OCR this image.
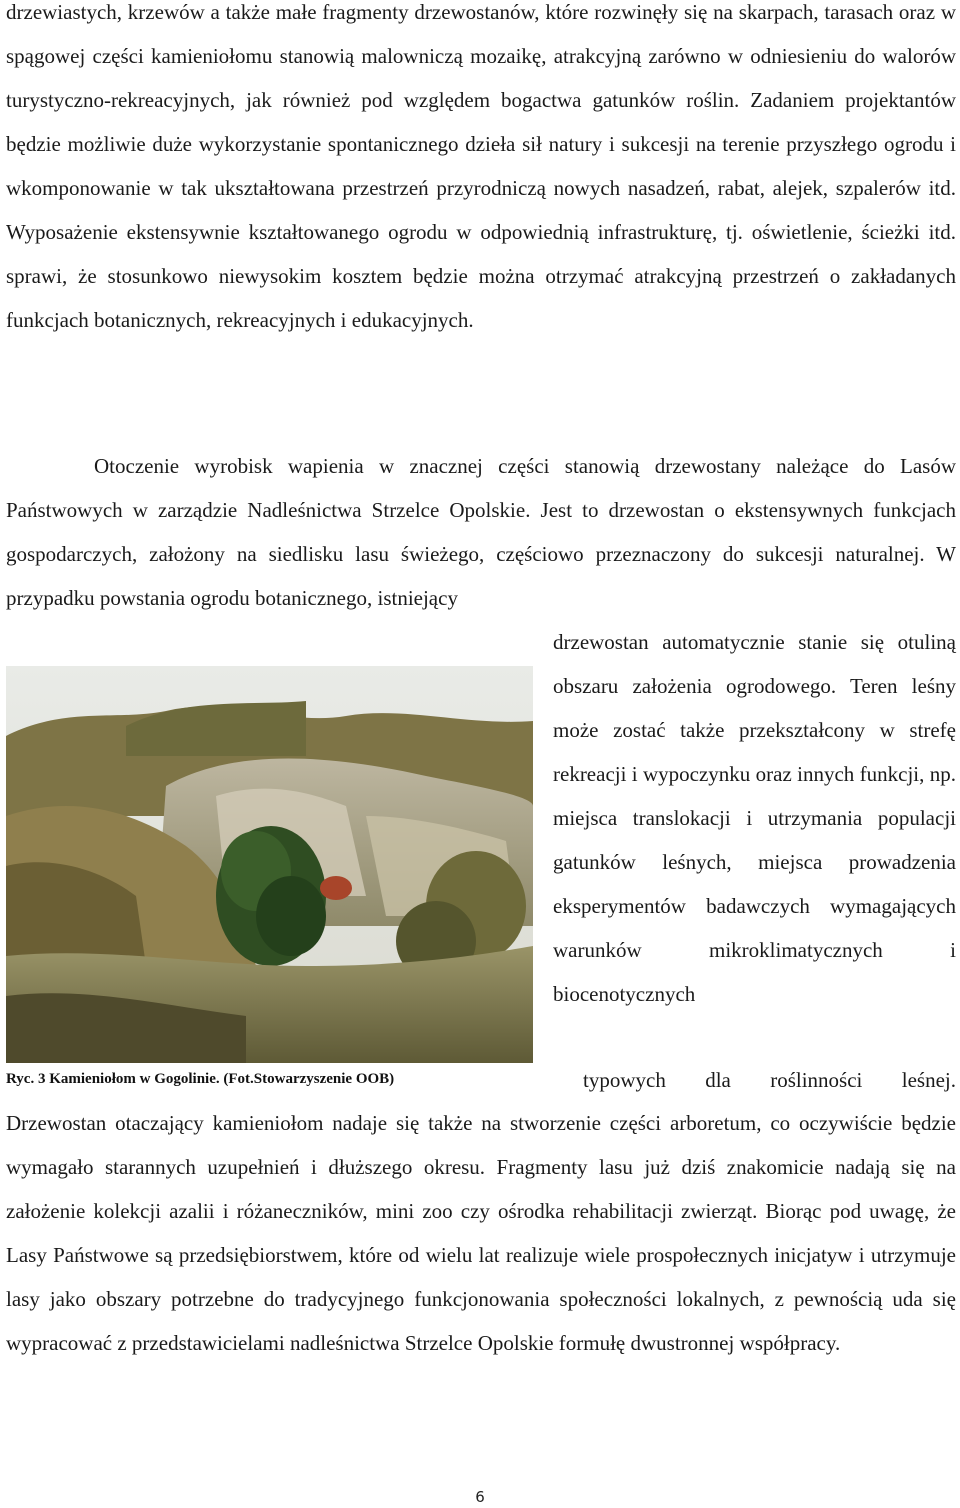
drzewiastych, krzewów a także małe fragmenty drzewostanów, które rozwinęły się na skarpach, tarasach oraz w spągowej części kamieniołomu stanowią malowniczą mozaikę, atrakcyjną zarówno w odniesieniu do walorów turystyczno-rekreacyjnych, jak również pod względem bogactwa gatunków roślin. Zadaniem projektantów będzie możliwie duże wykorzystanie spontanicznego dzieła sił natury i sukcesji na terenie przyszłego ogrodu i wkomponowanie w tak ukształtowana przestrzeń przyrodniczą nowych nasadzeń, rabat, alejek, szpalerów itd. Wyposażenie ekstensywnie kształtowanego ogrodu w odpowiednią infrastrukturę, tj. oświetlenie, ścieżki itd. sprawi, że stosunkowo niewysokim kosztem będzie można otrzymać atrakcyjną przestrzeń o zakładanych funkcjach botanicznych, rekreacyjnych i edukacyjnych.

Otoczenie wyrobisk wapienia w znacznej części stanowią drzewostany należące do Lasów Państwowych w zarządzie Nadleśnictwa Strzelce Opolskie. Jest to drzewostan o ekstensywnych funkcjach gospodarczych, założony na siedlisku lasu świeżego, częściowo przeznaczony do sukcesji naturalnej. W przypadku powstania ogrodu botanicznego, istniejący

drzewostan automatycznie stanie się otuliną obszaru założenia ogrodowego. Teren leśny może zostać także przekształcony w strefę rekreacji i wypoczynku oraz innych funkcji, np. miejsca translokacji i utrzymania populacji gatunków leśnych, miejsca prowadzenia eksperymentów badawczych wymagających warunków mikroklimatycznych i biocenotycznych
Ryc. 3 Kamieniołom w Gogolinie. (Fot.Stowarzyszenie OOB)	typowych dla roślinności leśnej.

Drzewostan otaczający kamieniołom nadaje się także na stworzenie części arboretum, co oczywiście będzie wymagało starannych uzupełnień i dłuższego okresu. Fragmenty lasu już dziś znakomicie nadają się na założenie kolekcji azalii i różaneczników, mini zoo czy ośrodka rehabilitacji zwierząt. Biorąc pod uwagę, że Lasy Państwowe są przedsiębiorstwem, które od wielu lat realizuje wiele prospołecznych inicjatyw i utrzymuje lasy jako obszary potrzebne do tradycyjnego funkcjonowania społeczności lokalnych, z pewnością uda się wypracować z przedstawicielami nadleśnictwa Strzelce Opolskie formułę dwustronnej współpracy.

6
